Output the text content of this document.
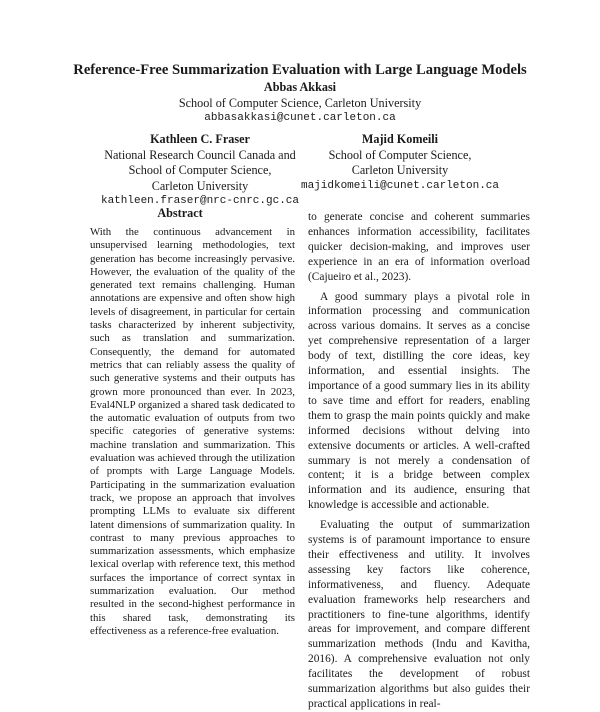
Reference-Free Summarization Evaluation with Large Language Models
Abbas Akkasi
School of Computer Science, Carleton University
abbasakkasi@cunet.carleton.ca
Kathleen C. Fraser
National Research Council Canada and
School of Computer Science,
Carleton University
kathleen.fraser@nrc-cnrc.gc.ca
Majid Komeili
School of Computer Science,
Carleton University
majidkomeili@cunet.carleton.ca
Abstract

With the continuous advancement in unsupervised learning methodologies, text generation has become increasingly pervasive. However, the evaluation of the quality of the generated text remains challenging. Human annotations are expensive and often show high levels of disagreement, in particular for certain tasks characterized by inherent subjectivity, such as translation and summarization. Consequently, the demand for automated metrics that can reliably assess the quality of such generative systems and their outputs has grown more pronounced than ever. In 2023, Eval4NLP organized a shared task dedicated to the automatic evaluation of outputs from two specific categories of generative systems: machine translation and summarization. This evaluation was achieved through the utilization of prompts with Large Language Models. Participating in the summarization evaluation track, we propose an approach that involves prompting LLMs to evaluate six different latent dimensions of summarization quality. In contrast to many previous approaches to summarization assessments, which emphasize lexical overlap with reference text, this method surfaces the importance of correct syntax in summarization evaluation. Our method resulted in the second-highest performance in this shared task, demonstrating its effectiveness as a reference-free evaluation.

to generate concise and coherent summaries enhances information accessibility, facilitates quicker decision-making, and improves user experience in an era of information overload (Cajueiro et al., 2023).

A good summary plays a pivotal role in information processing and communication across various domains. It serves as a concise yet comprehensive representation of a larger body of text, distilling the core ideas, key information, and essential insights. The importance of a good summary lies in its ability to save time and effort for readers, enabling them to grasp the main points quickly and make informed decisions without delving into extensive documents or articles. A well-crafted summary is not merely a condensation of content; it is a bridge between complex information and its audience, ensuring that knowledge is accessible and actionable.

Evaluating the output of summarization systems is of paramount importance to ensure their effectiveness and utility. It involves assessing key factors like coherence, informativeness, and fluency. Adequate evaluation frameworks help researchers and practitioners to fine-tune algorithms, identify areas for improvement, and compare different summarization methods (Indu and Kavitha, 2016). A comprehensive evaluation not only facilitates the development of robust summarization algorithms but also guides their practical applications in real-
